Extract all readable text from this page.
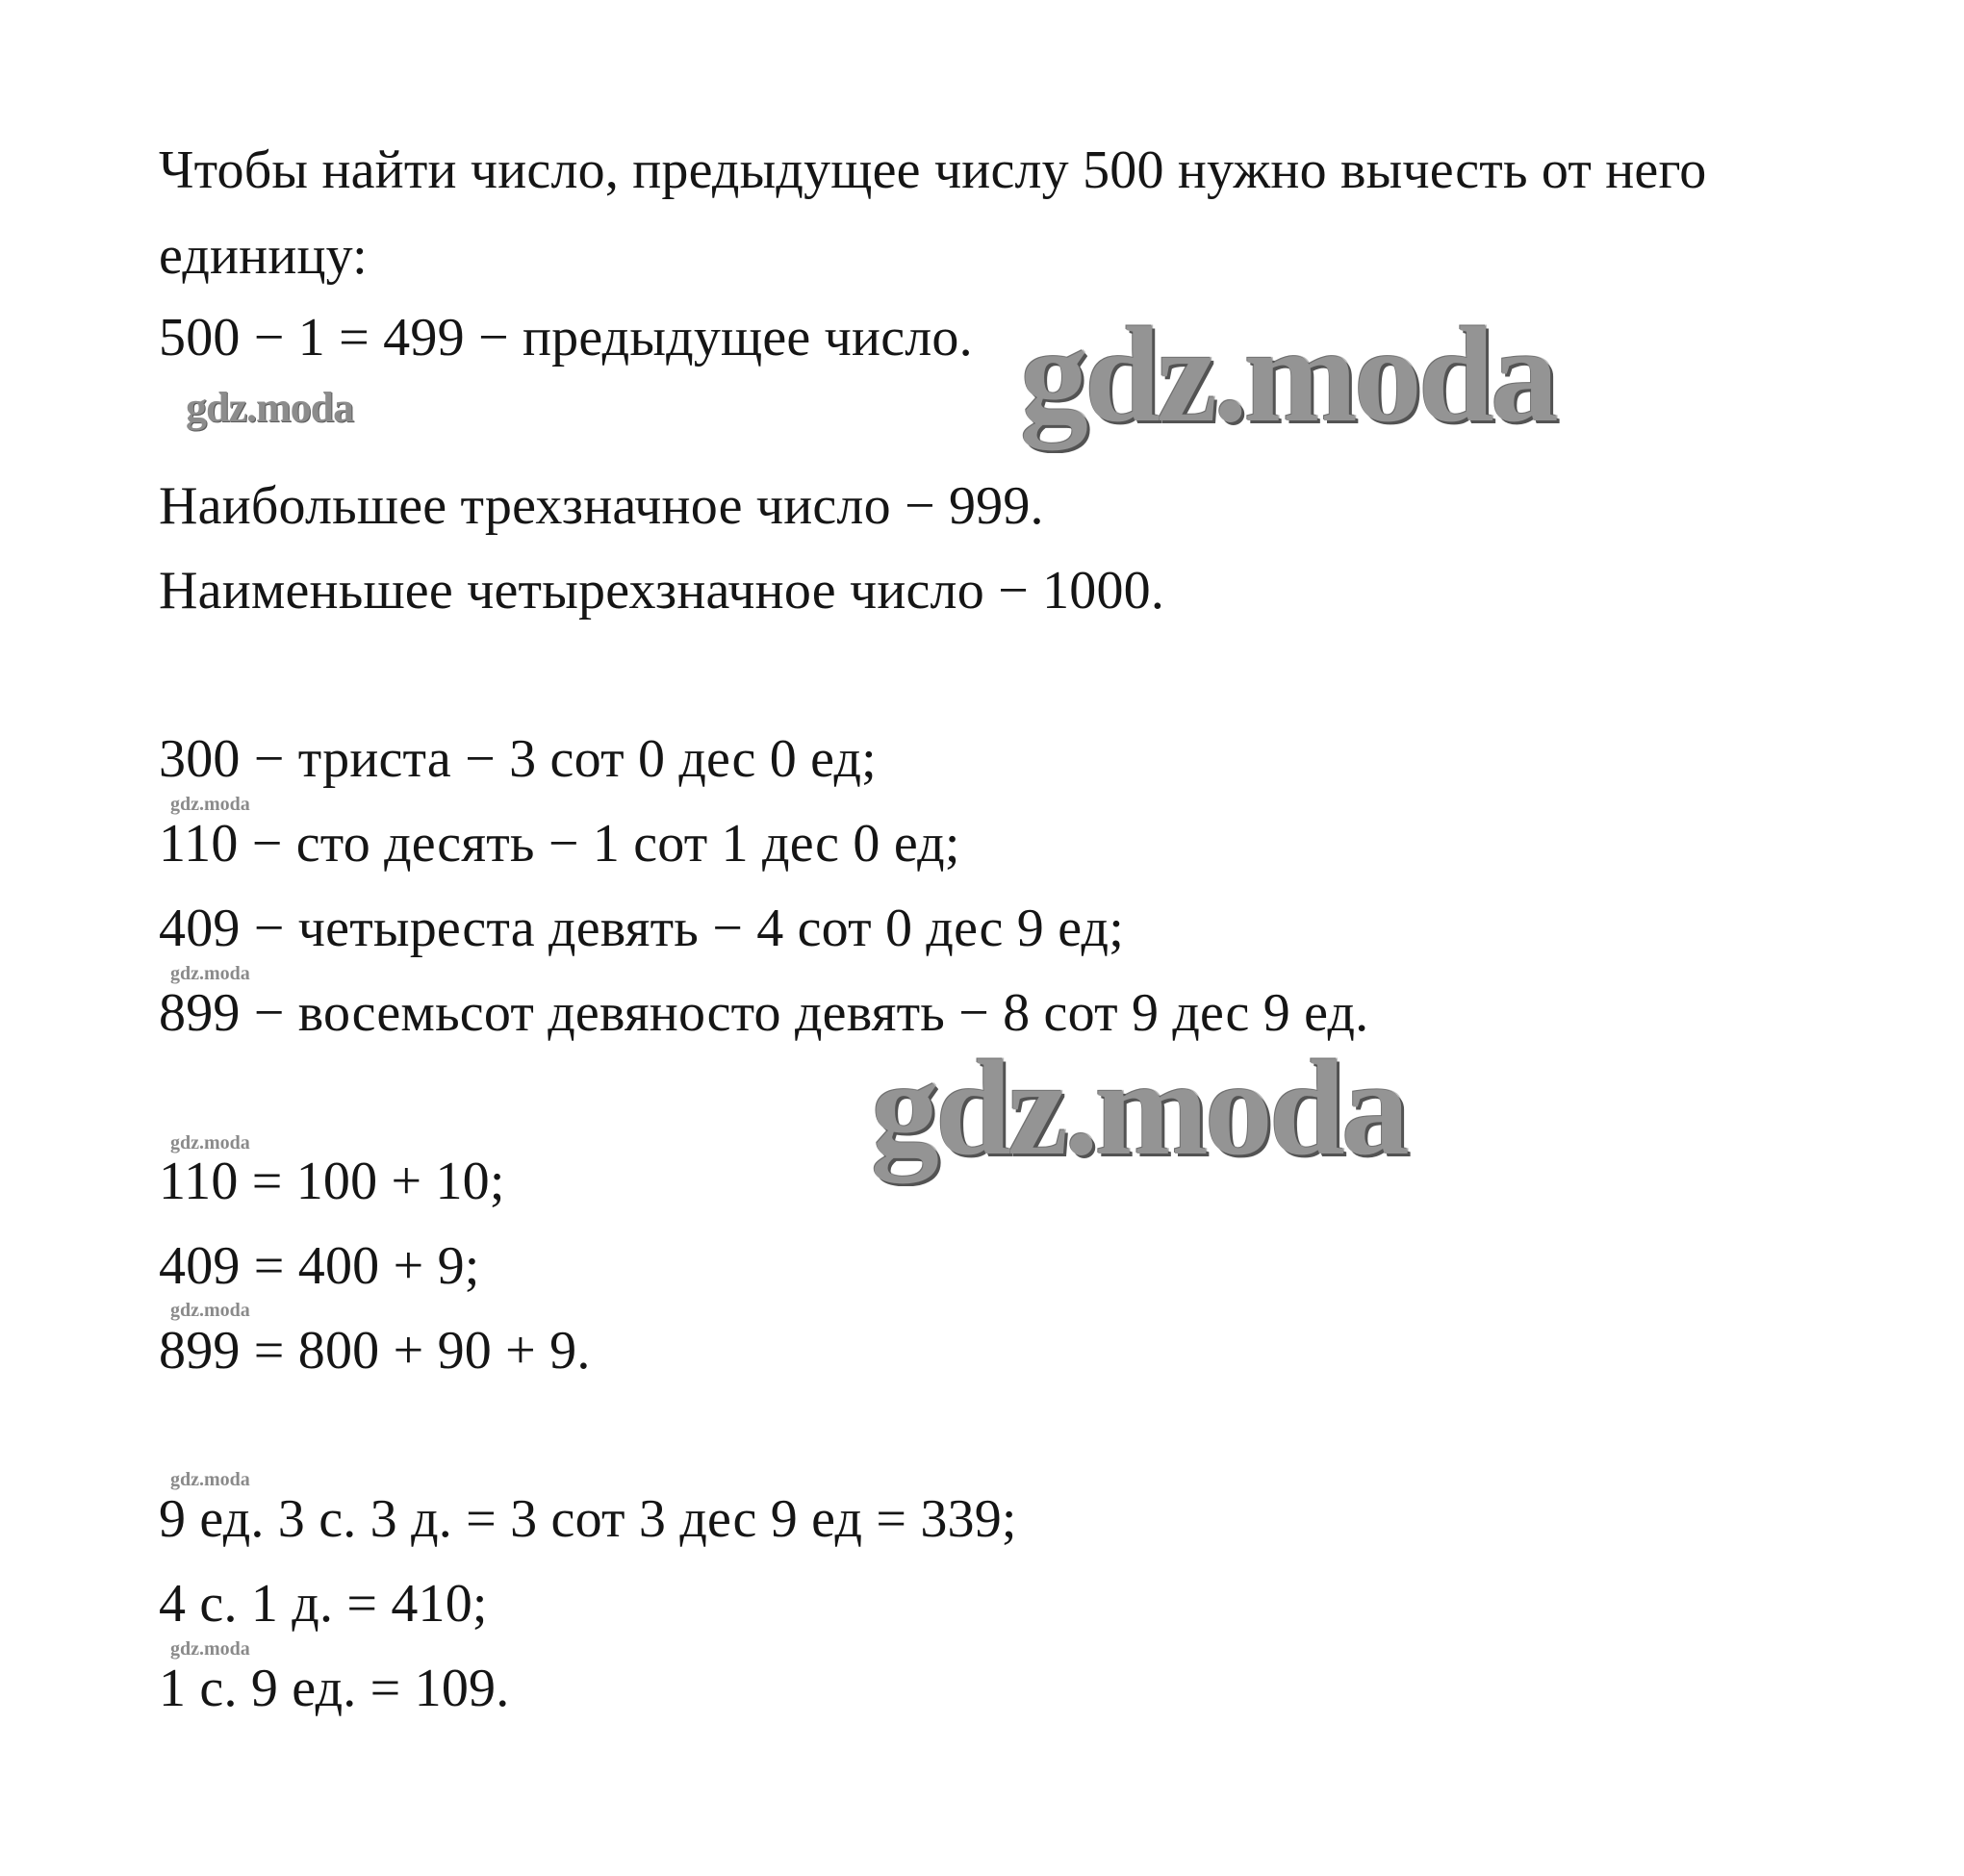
Чтобы найти число, предыдущее числу 500 нужно вычесть от него
единицу:
500 − 1 = 499 − предыдущее число.
Наибольшее трехзначное число − 999.
Наименьшее четырехзначное число − 1000.
300 − триста − 3 сот 0 дес 0 ед;
110 − сто десять − 1 сот 1 дес 0 ед;
409 − четыреста девять − 4 сот 0 дес 9 ед;
899 − восемьсот девяносто девять − 8 сот 9 дес 9 ед.
110 = 100 + 10;
409 = 400 + 9;
899 = 800 + 90 + 9.
9 ед. 3 с. 3 д. = 3 сот 3 дес 9 ед = 339;
4 с. 1 д. = 410;
1 с. 9 ед. = 109.
gdz.moda
gdz.moda
gdz.moda
gdz.moda
gdz.moda
gdz.moda
gdz.moda
gdz.moda
gdz.moda
